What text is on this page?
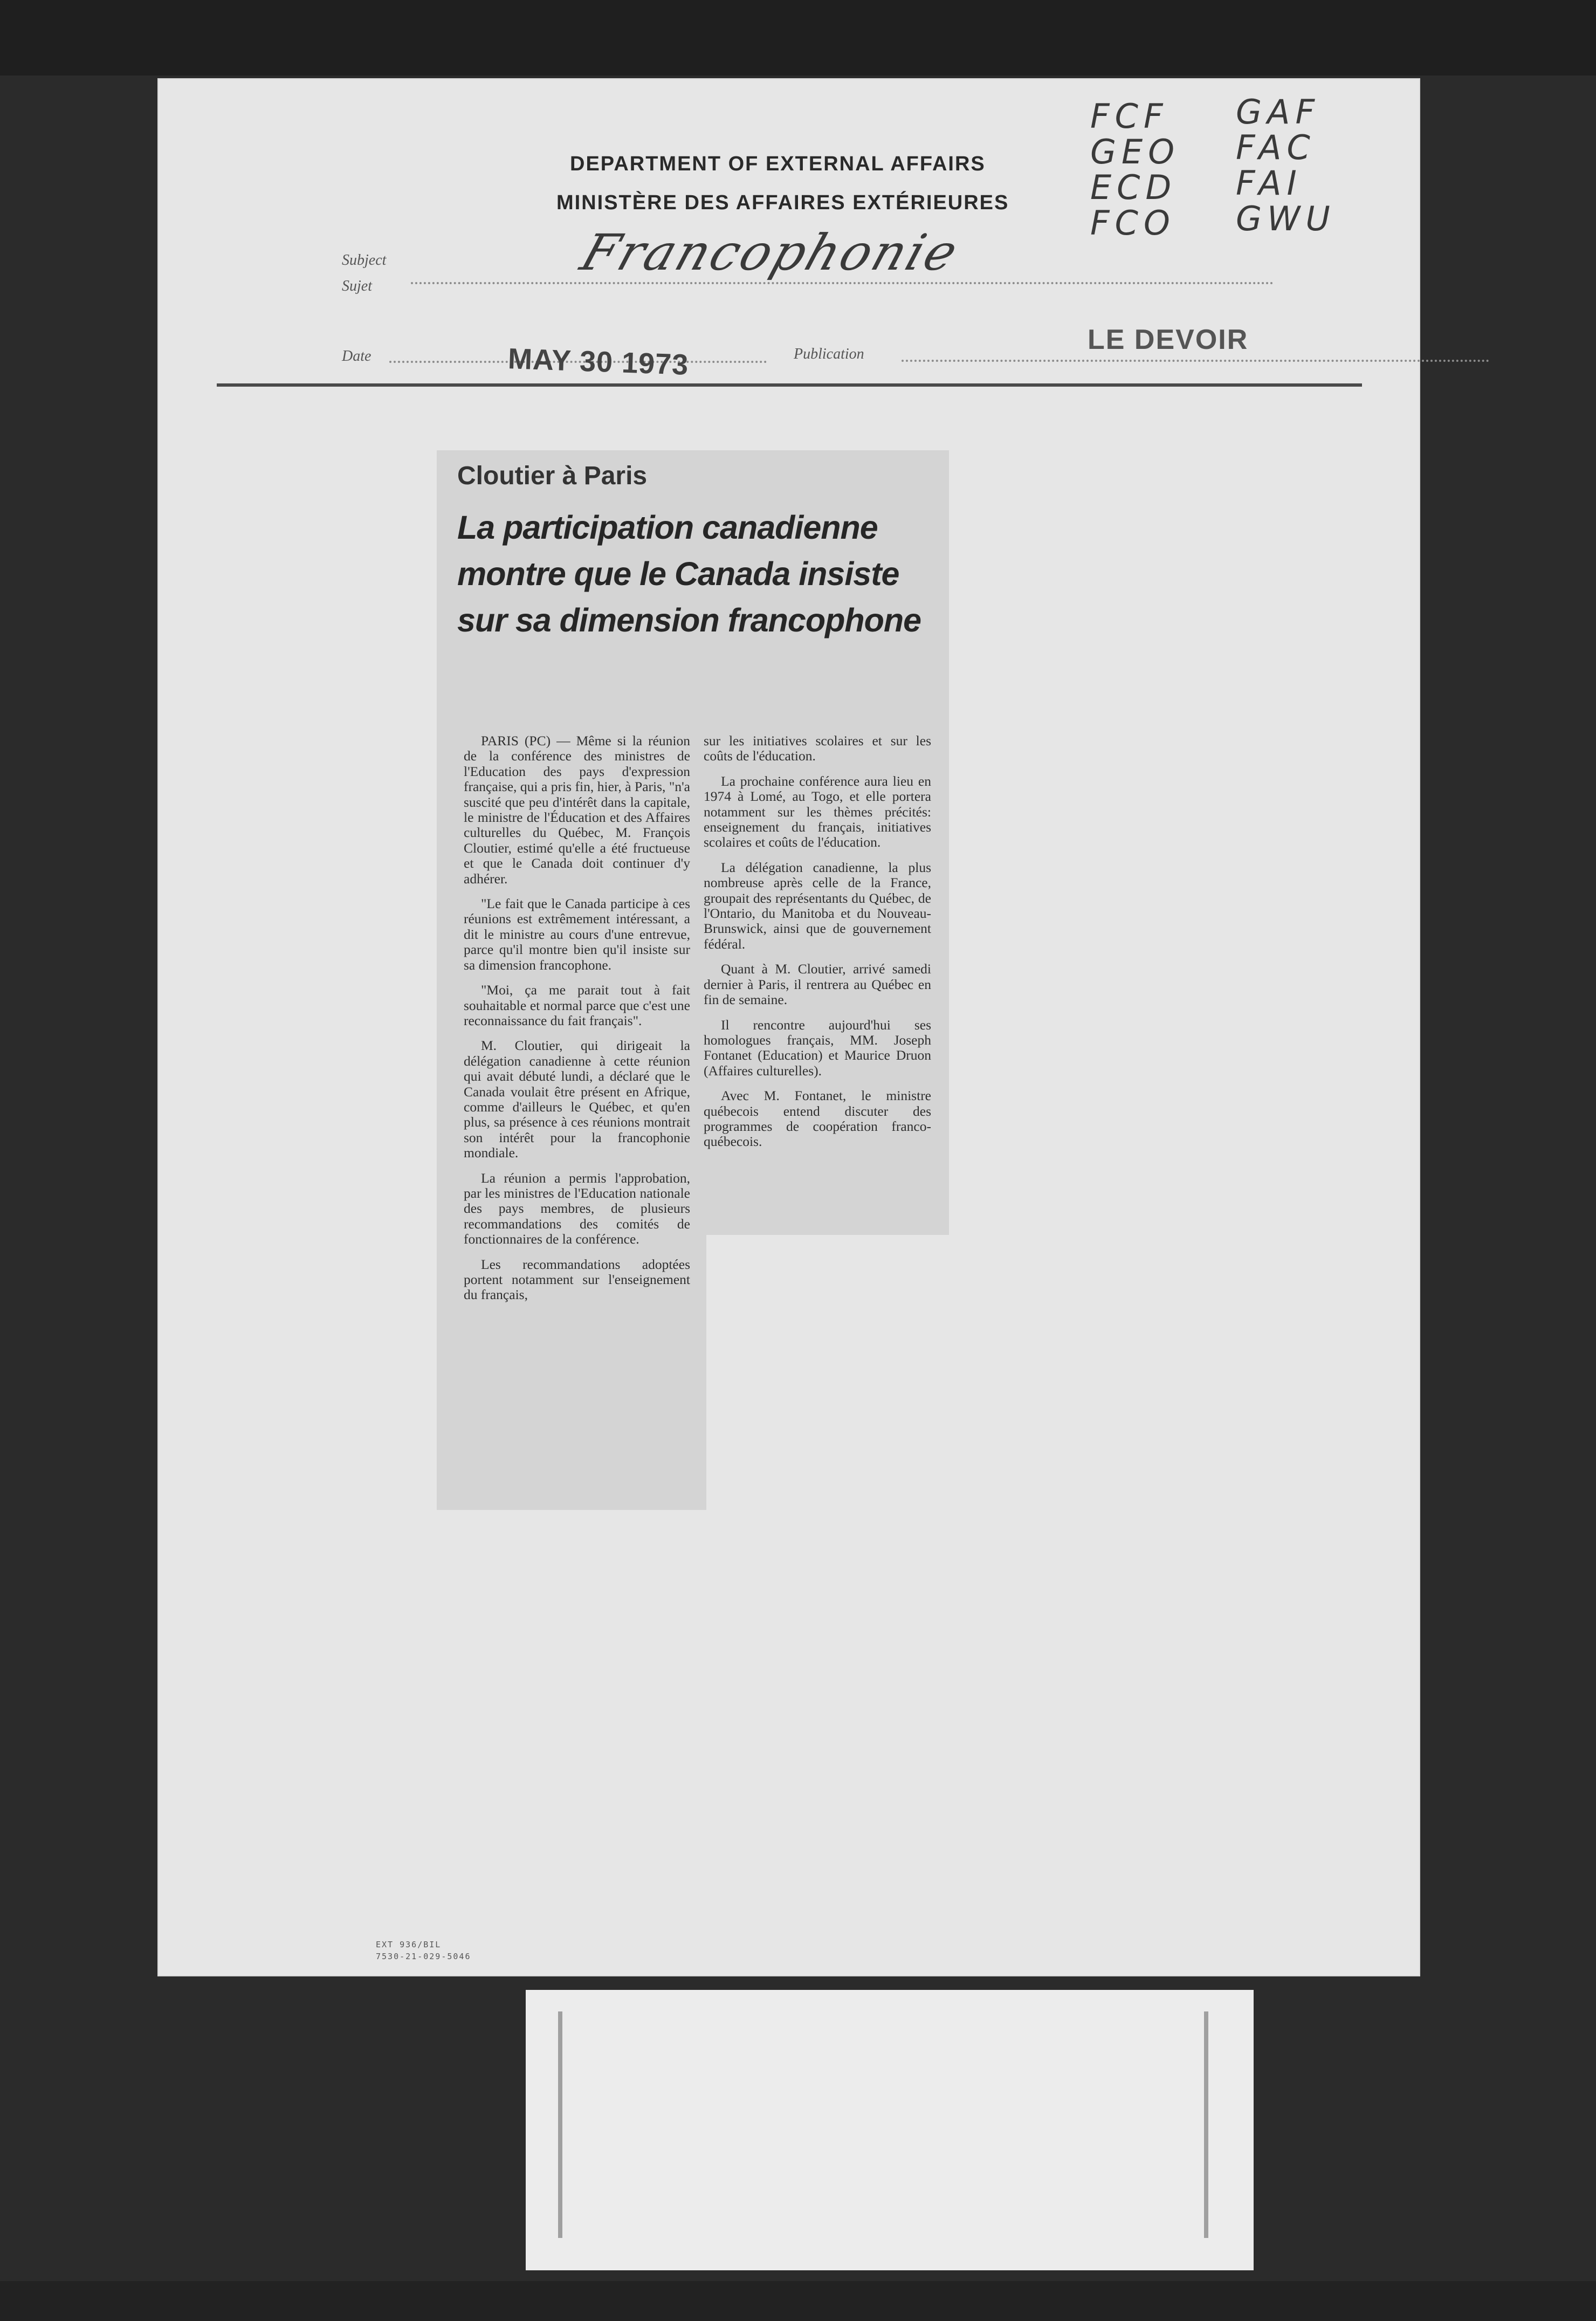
DEPARTMENT OF EXTERNAL AFFAIRS
MINISTÈRE DES AFFAIRES EXTÉRIEURES
FCF
GEO
ECD
FCO
GAF
FAC
FAI
GWU
Subject
Sujet
Francophonie
Date	MAY 30 1973	Publication	LE DEVOIR
EXT 936/BIL
7530-21-029-5046
Cloutier à Paris
La participation canadienne montre que le Canada insiste sur sa dimension francophone

PARIS (PC) — Même si la réunion de la conférence des ministres de l'Education des pays d'expression française, qui a pris fin, hier, à Paris, "n'a suscité que peu d'intérêt dans la capitale, le ministre de l'Éducation et des Affaires culturelles du Québec, M. François Cloutier, estimé qu'elle a été fructueuse et que le Canada doit continuer d'y adhérer.

"Le fait que le Canada participe à ces réunions est extrêmement intéressant, a dit le ministre au cours d'une entrevue, parce qu'il montre bien qu'il insiste sur sa dimension francophone.

"Moi, ça me parait tout à fait souhaitable et normal parce que c'est une reconnaissance du fait français".

M. Cloutier, qui dirigeait la délégation canadienne à cette réunion qui avait débuté lundi, a déclaré que le Canada voulait être présent en Afrique, comme d'ailleurs le Québec, et qu'en plus, sa présence à ces réunions montrait son intérêt pour la francophonie mondiale.

La réunion a permis l'approbation, par les ministres de l'Education nationale des pays membres, de plusieurs recommandations des comités de fonctionnaires de la conférence.

Les recommandations adoptées portent notamment sur l'enseignement du français,

sur les initiatives scolaires et sur les coûts de l'éducation.

La prochaine conférence aura lieu en 1974 à Lomé, au Togo, et elle portera notamment sur les thèmes précités: enseignement du français, initiatives scolaires et coûts de l'éducation.

La délégation canadienne, la plus nombreuse après celle de la France, groupait des représentants du Québec, de l'Ontario, du Manitoba et du Nouveau-Brunswick, ainsi que de gouvernement fédéral.

Quant à M. Cloutier, arrivé samedi dernier à Paris, il rentrera au Québec en fin de semaine.

Il rencontre aujourd'hui ses homologues français, MM. Joseph Fontanet (Education) et Maurice Druon (Affaires culturelles).

Avec M. Fontanet, le ministre québecois entend discuter des programmes de coopération franco-québecois.
